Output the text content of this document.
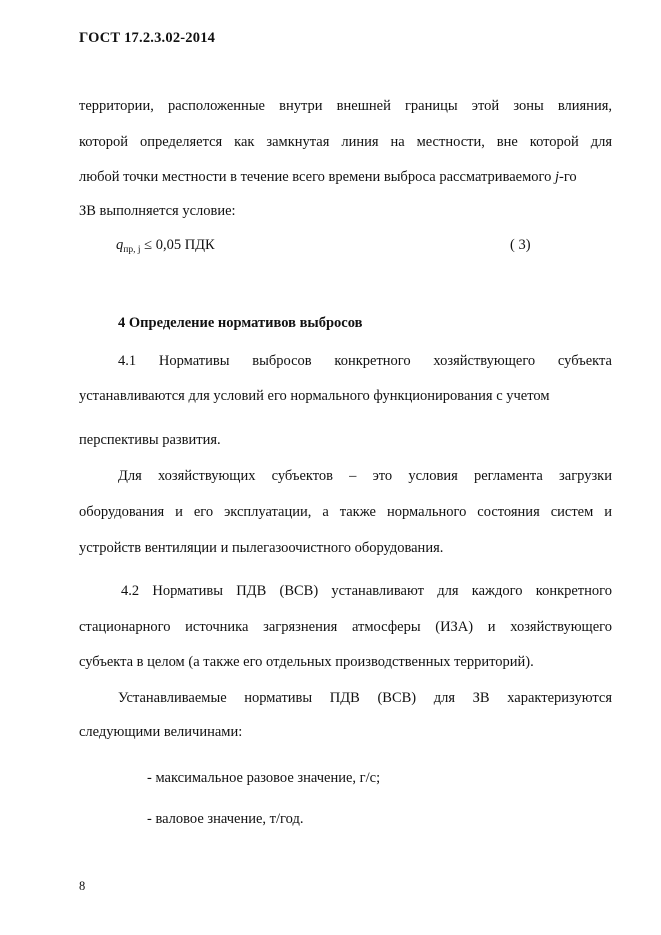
ГОСТ 17.2.3.02-2014
территории, расположенные внутри внешней границы этой зоны влияния,
которой определяется как замкнутая линия на местности, вне которой для
любой точки местности в течение всего времени выброса рассматриваемого j-го
ЗВ выполняется условие:
$q_{пр, j} \le 0,05$ ПДК	( 3)
4 Определение нормативов выбросов
4.1 Нормативы выбросов конкретного хозяйствующего субъекта
устанавливаются для условий его нормального функционирования с учетом
перспективы развития.
Для хозяйствующих субъектов – это условия регламента загрузки
оборудования и его эксплуатации, а также нормального состояния систем и
устройств вентиляции и пылегазоочистного оборудования.
4.2 Нормативы ПДВ (ВСВ) устанавливают для каждого конкретного
стационарного источника загрязнения атмосферы (ИЗА) и хозяйствующего
субъекта в целом (а также его отдельных производственных территорий).
Устанавливаемые нормативы ПДВ (ВСВ) для ЗВ характеризуются
следующими величинами:
- максимальное разовое значение, г/с;
- валовое значение, т/год.
8
